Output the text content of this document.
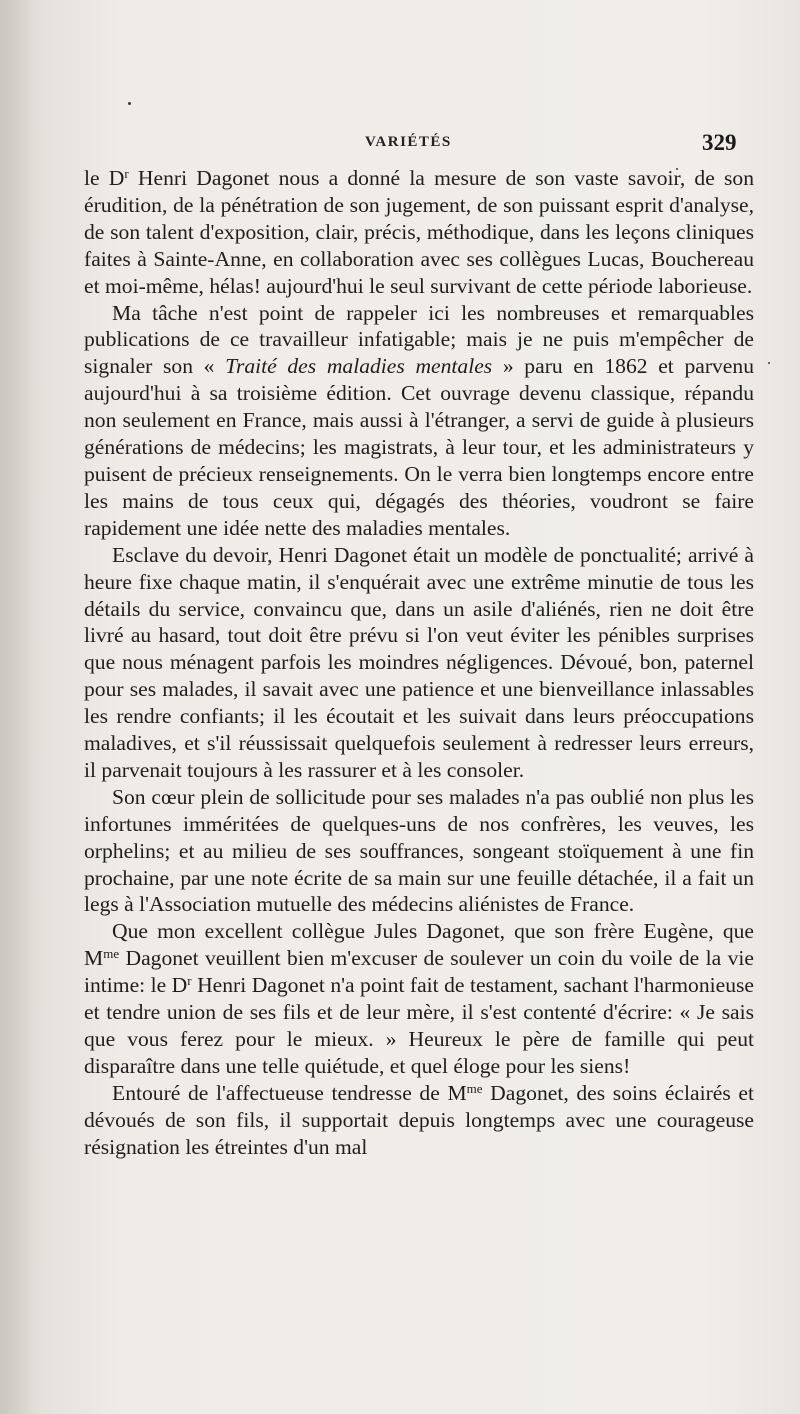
VARIÉTÉS	329

le $D^r$ Henri Dagonet nous a donné la mesure de son vaste savoir, de son érudition, de la pénétration de son jugement, de son puissant esprit d'analyse, de son talent d'exposition, clair, précis, méthodique, dans les leçons cliniques faites à Sainte-Anne, en collaboration avec ses collègues Lucas, Bouchereau et moi-même, hélas! aujourd'hui le seul survivant de cette période laborieuse.

Ma tâche n'est point de rappeler ici les nombreuses et remarquables publications de ce travailleur infatigable; mais je ne puis m'empêcher de signaler son « Traité des maladies mentales » paru en 1862 et parvenu aujourd'hui à sa troisième édition. Cet ouvrage devenu classique, répandu non seulement en France, mais aussi à l'étranger, a servi de guide à plusieurs générations de médecins; les magistrats, à leur tour, et les administrateurs y puisent de précieux renseignements. On le verra bien longtemps encore entre les mains de tous ceux qui, dégagés des théories, voudront se faire rapidement une idée nette des maladies mentales.

Esclave du devoir, Henri Dagonet était un modèle de ponctualité; arrivé à heure fixe chaque matin, il s'enquérait avec une extrême minutie de tous les détails du service, convaincu que, dans un asile d'aliénés, rien ne doit être livré au hasard, tout doit être prévu si l'on veut éviter les pénibles surprises que nous ménagent parfois les moindres négligences. Dévoué, bon, paternel pour ses malades, il savait avec une patience et une bienveillance inlassables les rendre confiants; il les écoutait et les suivait dans leurs préoccupations maladives, et s'il réussissait quelquefois seulement à redresser leurs erreurs, il parvenait toujours à les rassurer et à les consoler.

Son cœur plein de sollicitude pour ses malades n'a pas oublié non plus les infortunes imméritées de quelques-uns de nos confrères, les veuves, les orphelins; et au milieu de ses souffrances, songeant stoïquement à une fin prochaine, par une note écrite de sa main sur une feuille détachée, il a fait un legs à l'Association mutuelle des médecins aliénistes de France.

Que mon excellent collègue Jules Dagonet, que son frère Eugène, que $M^{me}$ Dagonet veuillent bien m'excuser de soulever un coin du voile de la vie intime: le $D^r$ Henri Dagonet n'a point fait de testament, sachant l'harmonieuse et tendre union de ses fils et de leur mère, il s'est contenté d'écrire: « Je sais que vous ferez pour le mieux. » Heureux le père de famille qui peut disparaître dans une telle quiétude, et quel éloge pour les siens!

Entouré de l'affectueuse tendresse de $M^{me}$ Dagonet, des soins éclairés et dévoués de son fils, il supportait depuis longtemps avec une courageuse résignation les étreintes d'un mal
